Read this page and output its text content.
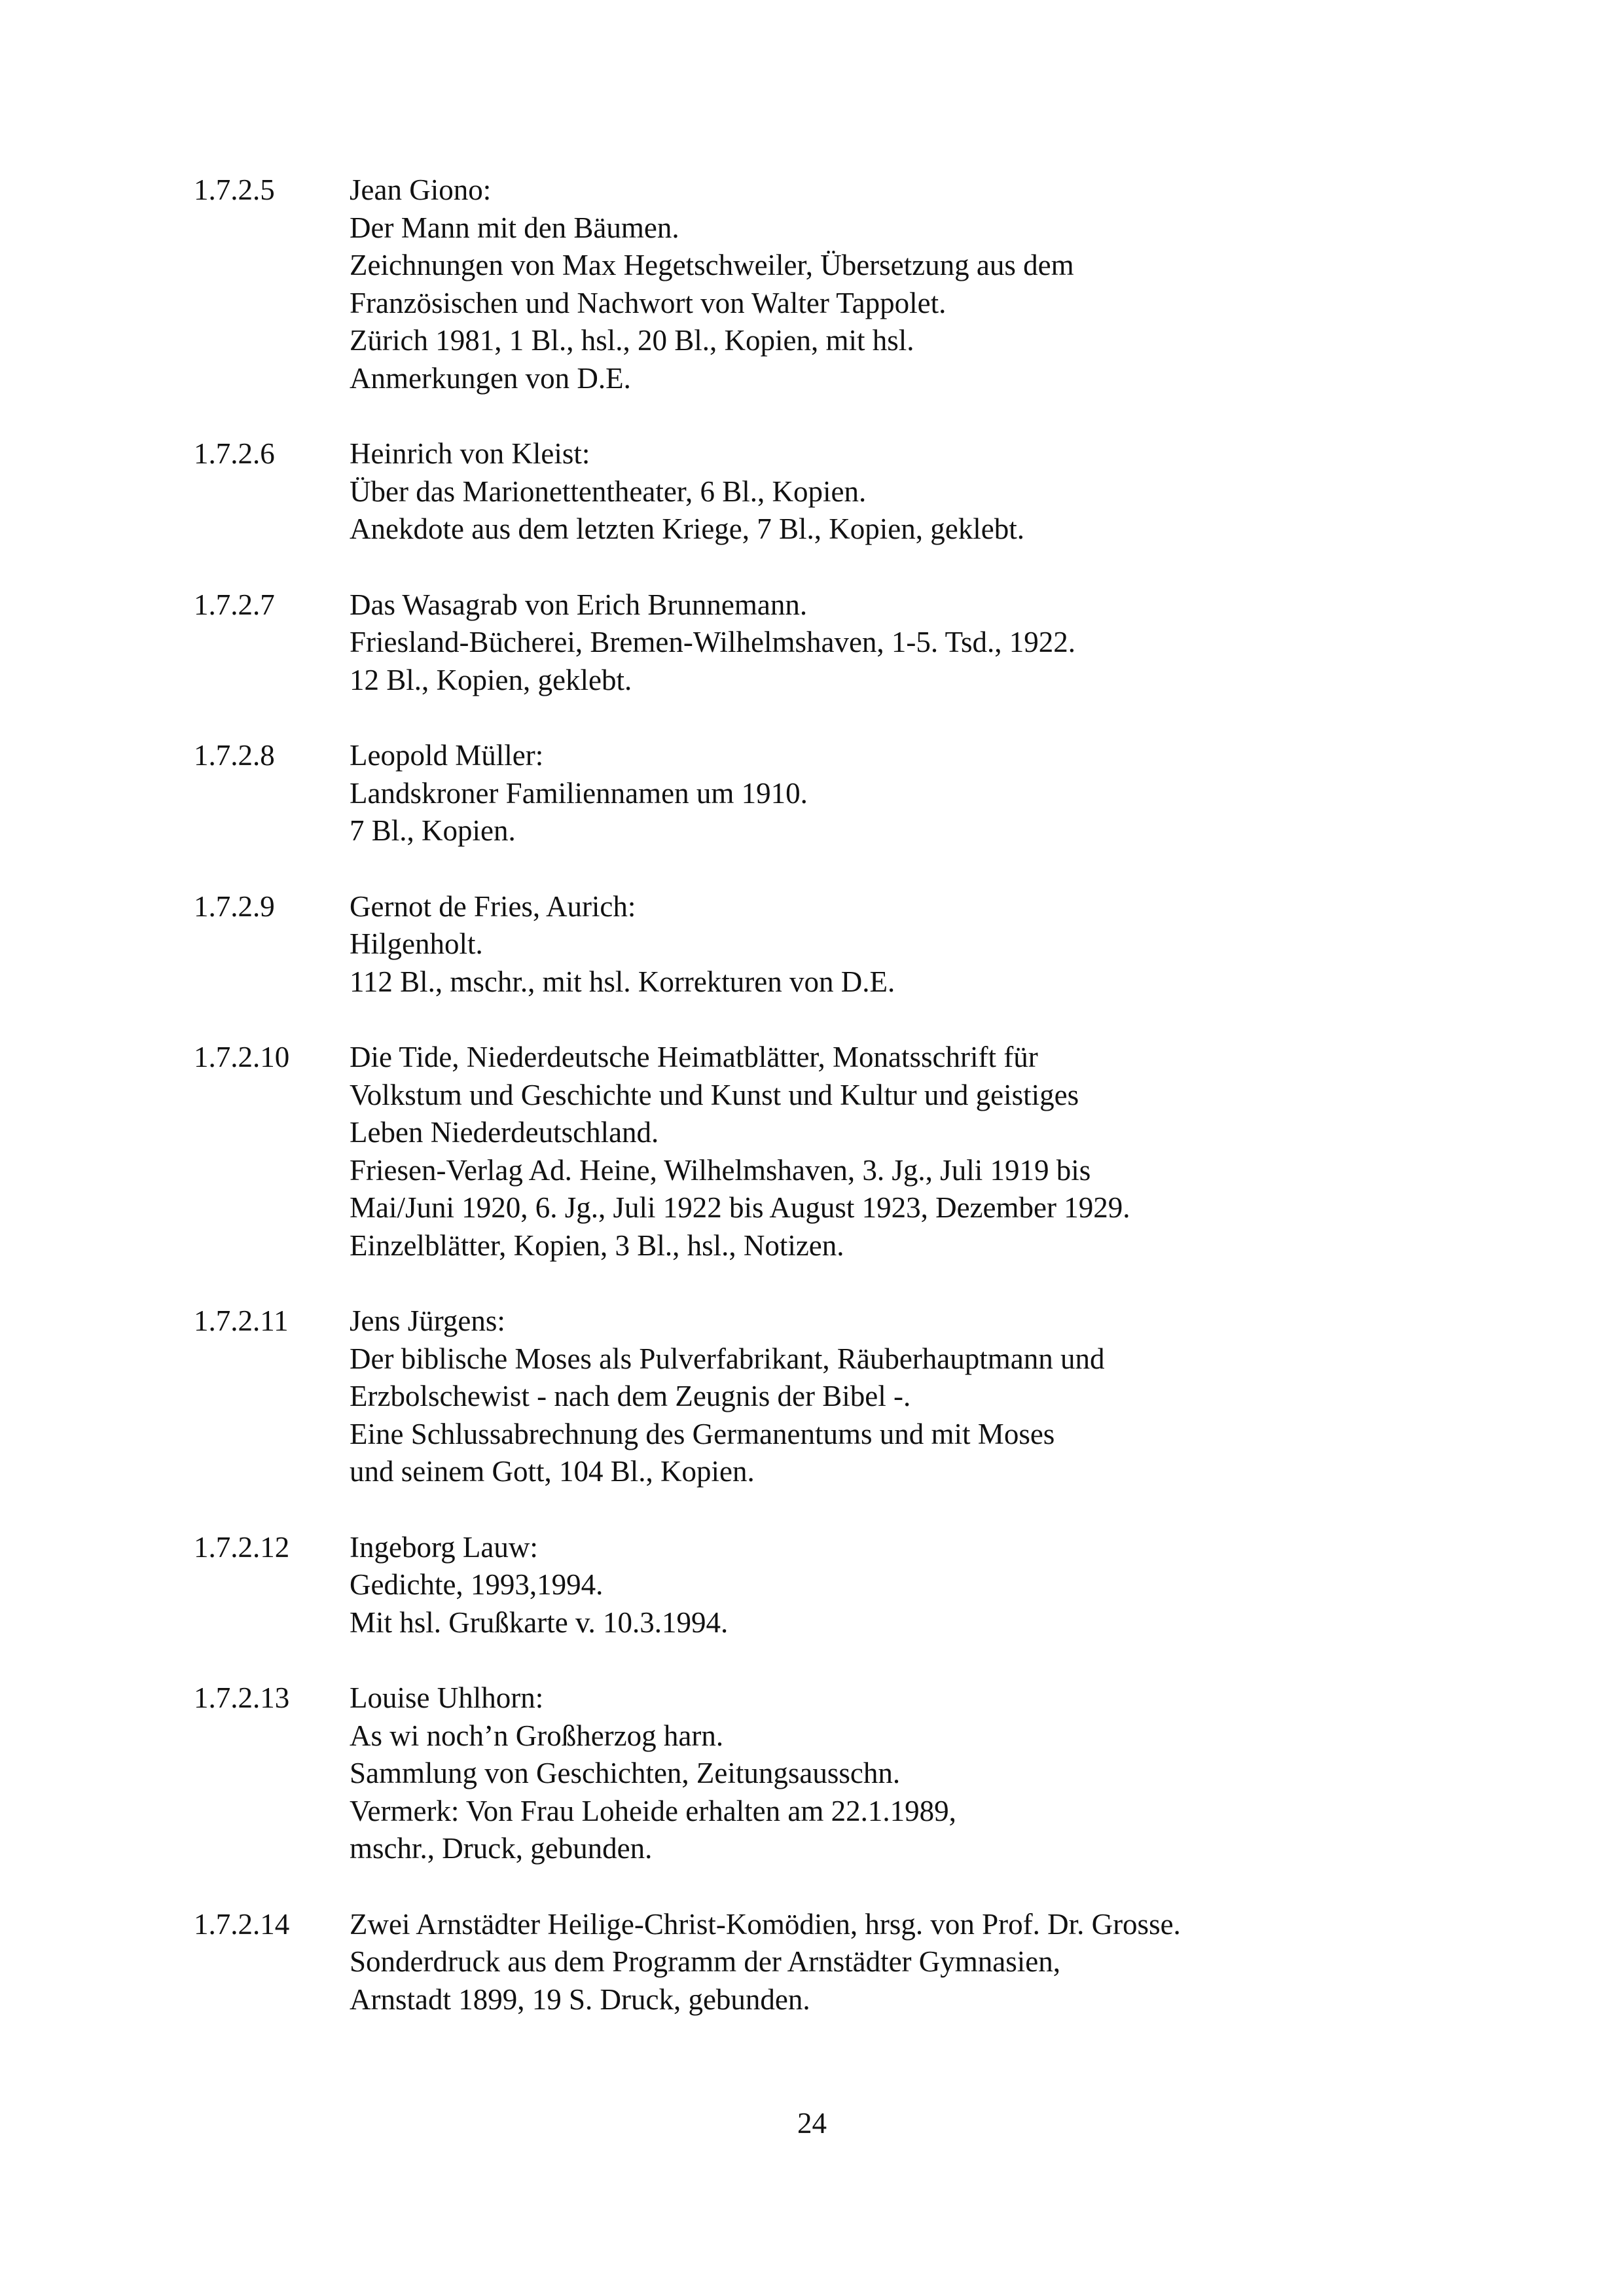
1.7.2.5	Jean Giono:
Der Mann mit den Bäumen.
Zeichnungen von Max Hegetschweiler, Übersetzung aus dem
Französischen und Nachwort von Walter Tappolet.
Zürich 1981, 1 Bl., hsl., 20 Bl., Kopien, mit hsl.
Anmerkungen von D.E.
1.7.2.6	Heinrich von Kleist:
Über das Marionettentheater, 6 Bl., Kopien.
Anekdote aus dem letzten Kriege, 7 Bl., Kopien, geklebt.
1.7.2.7	Das Wasagrab von Erich Brunnemann.
Friesland-Bücherei, Bremen-Wilhelmshaven, 1-5. Tsd., 1922.
12 Bl., Kopien, geklebt.
1.7.2.8	Leopold Müller:
Landskroner Familiennamen um 1910.
7 Bl., Kopien.
1.7.2.9	Gernot de Fries, Aurich:
Hilgenholt.
112 Bl., mschr., mit hsl. Korrekturen von D.E.
1.7.2.10	Die Tide, Niederdeutsche Heimatblätter, Monatsschrift für
Volkstum und Geschichte und Kunst und Kultur und geistiges
Leben Niederdeutschland.
Friesen-Verlag Ad. Heine, Wilhelmshaven, 3. Jg., Juli 1919 bis
Mai/Juni 1920, 6. Jg., Juli 1922 bis August 1923, Dezember 1929.
Einzelblätter, Kopien, 3 Bl., hsl., Notizen.
1.7.2.11	Jens Jürgens:
Der biblische Moses als Pulverfabrikant, Räuberhauptmann und
Erzbolschewist - nach dem Zeugnis der Bibel -.
Eine Schlussabrechnung des Germanentums und mit Moses
und seinem Gott, 104 Bl., Kopien.
1.7.2.12	Ingeborg Lauw:
Gedichte, 1993,1994.
Mit hsl. Grußkarte v. 10.3.1994.
1.7.2.13	Louise Uhlhorn:
As wi noch’n Großherzog harn.
Sammlung von Geschichten, Zeitungsausschn.
Vermerk: Von Frau Loheide erhalten am 22.1.1989,
mschr., Druck, gebunden.
1.7.2.14	Zwei Arnstädter Heilige-Christ-Komödien, hrsg. von Prof. Dr. Grosse.
Sonderdruck aus dem Programm der Arnstädter Gymnasien,
Arnstadt 1899, 19 S. Druck, gebunden.
24
